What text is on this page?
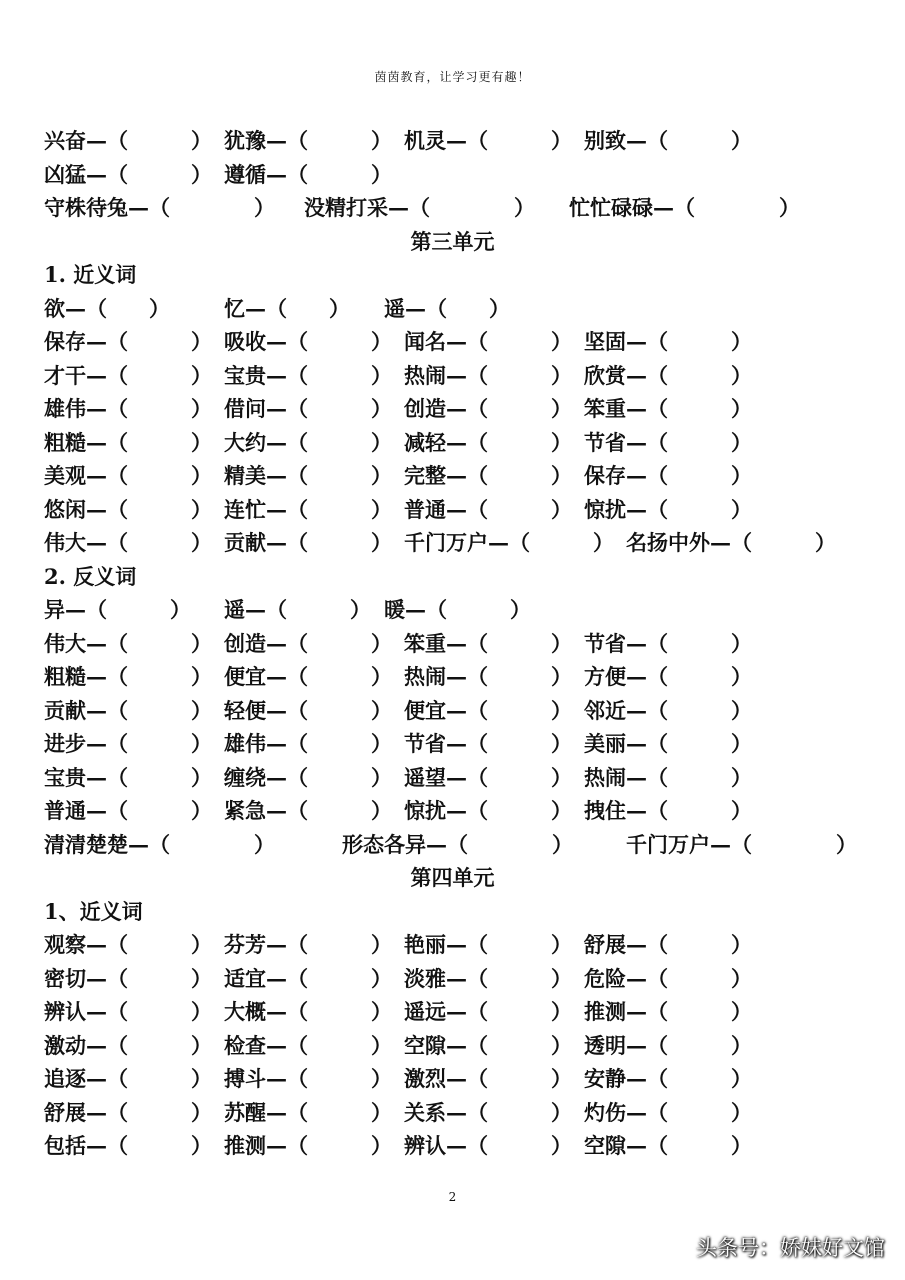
茵茵教育，让学习更有趣！
兴奋—（　　　） 犹豫—（　　　） 机灵—（　　　） 别致—（　　　）
凶猛—（　　　） 遵循—（　　　）
守株待兔—（　　　　） 没精打采—（　　　　） 忙忙碌碌—（　　　　）
第三单元
1. 近义词
欲—（　　）	忆—（　　） 遥—（　　）
保存—（　　　） 吸收—（　　　） 闻名—（　　　） 坚固—（　　　）
才干—（　　　） 宝贵—（　　　） 热闹—（　　　） 欣赏—（　　　）
雄伟—（　　　） 借问—（　　　） 创造—（　　　） 笨重—（　　　）
粗糙—（　　　） 大约—（　　　） 减轻—（　　　） 节省—（　　　）
美观—（　　　） 精美—（　　　） 完整—（　　　） 保存—（　　　）
悠闲—（　　　） 连忙—（　　　） 普通—（　　　） 惊扰—（　　　）
伟大—（　　　） 贡献—（　　　） 千门万户—（　　　） 名扬中外—（　　　）
2. 反义词
异—（　　　） 遥—（　　　） 暖—（　　　）
伟大—（　　　） 创造—（　　　） 笨重—（　　　） 节省—（　　　）
粗糙—（　　　） 便宜—（　　　） 热闹—（　　　） 方便—（　　　）
贡献—（　　　） 轻便—（　　　） 便宜—（　　　） 邻近—（　　　）
进步—（　　　） 雄伟—（　　　） 节省—（　　　） 美丽—（　　　）
宝贵—（　　　） 缠绕—（　　　） 遥望—（　　　） 热闹—（　　　）
普通—（　　　） 紧急—（　　　） 惊扰—（　　　） 拽住—（　　　）
清清楚楚—（　　　　）	形态各异—（　　　　）	千门万户—（　　　　）
第四单元
1、近义词
观察—（　　　） 芬芳—（　　　） 艳丽—（　　　） 舒展—（　　　）
密切—（　　　） 适宜—（　　　） 淡雅—（　　　） 危险—（　　　）
辨认—（　　　） 大概—（　　　） 遥远—（　　　） 推测—（　　　）
激动—（　　　） 检查—（　　　） 空隙—（　　　） 透明—（　　　）
追逐—（　　　） 搏斗—（　　　） 激烈—（　　　） 安静—（　　　）
舒展—（　　　） 苏醒—（　　　） 关系—（　　　） 灼伤—（　　　）
包括—（　　　） 推测—（　　　） 辨认—（　　　） 空隙—（　　　）
2
头条号：娇妹好文馆
